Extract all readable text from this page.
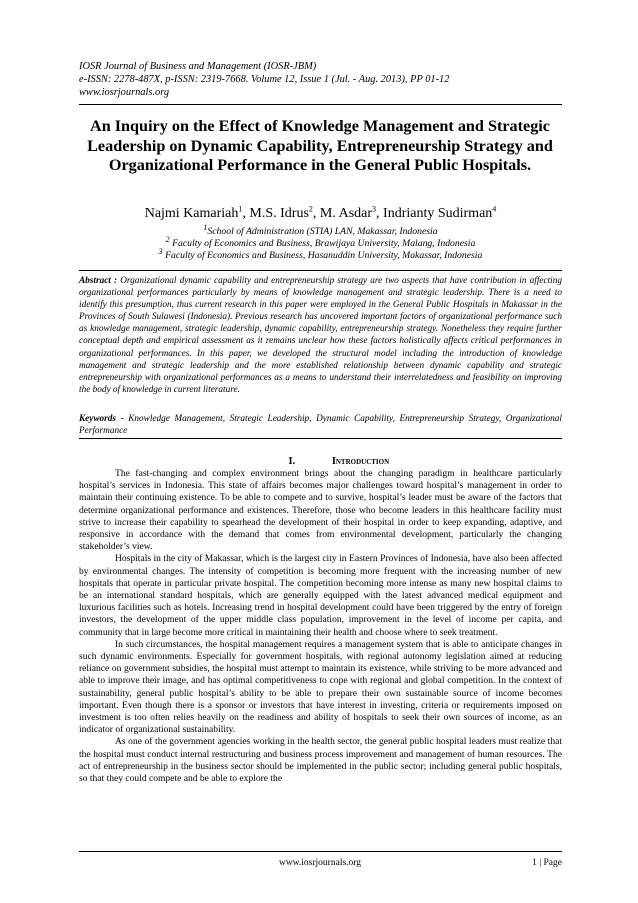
IOSR Journal of Business and Management (IOSR-JBM)
e-ISSN: 2278-487X, p-ISSN: 2319-7668. Volume 12, Issue 1 (Jul. - Aug. 2013), PP 01-12
www.iosrjournals.org
An Inquiry on the Effect of Knowledge Management and Strategic Leadership on Dynamic Capability, Entrepreneurship Strategy and Organizational Performance in the General Public Hospitals.
Najmi Kamariah$^1$, M.S. Idrus$^2$, M. Asdar$^3$, Indrianty Sudirman$^4$
$^1$School of Administration (STIA) LAN, Makassar, Indonesia
$^2$ Faculty of Economics and Business, Brawijaya University, Malang, Indonesia
$^3$ Faculty of Economics and Business, Hasanuddin University, Makassar, Indonesia
Abstract : Organizational dynamic capability and entrepreneurship strategy are two aspects that have contribution in affecting organizational performances particularly by means of knowledge management and strategic leadership. There is a need to identify this presumption, thus current research in this paper were employed in the General Public Hospitals in Makassar in the Provinces of South Sulawesi (Indonesia). Previous research has uncovered important factors of organizational performance such as knowledge management, strategic leadership, dynamic capability, entrepreneurship strategy. Nonetheless they require further conceptual depth and empirical assessment as it remains unclear how these factors holistically affects critical performances in organizational performances. In this paper, we developed the structural model including the introduction of knowledge management and strategic leadership and the more established relationship between dynamic capability and strategic entrepreneurship with organizational performances as a means to understand their interrelatedness and feasibility on improving the body of knowledge in current literature.
Keywords - Knowledge Management, Strategic Leadership, Dynamic Capability, Entrepreneurship Strategy, Organizational Performance
I.	Introduction

The fast-changing and complex environment brings about the changing paradigm in healthcare particularly hospital’s services in Indonesia. This state of affairs becomes major challenges toward hospital’s management in order to maintain their continuing existence. To be able to compete and to survive, hospital’s leader must be aware of the factors that determine organizational performance and existences. Therefore, those who become leaders in this healthcare facility must strive to increase their capability to spearhead the development of their hospital in order to keep expanding, adaptive, and responsive in accordance with the demand that comes from environmental development, particularly the changing stakeholder’s view.

Hospitals in the city of Makassar, which is the largest city in Eastern Provinces of Indonesia, have also been affected by environmental changes. The intensity of competition is becoming more frequent with the increasing number of new hospitals that operate in particular private hospital. The competition becoming more intense as many new hospital claims to be an international standard hospitals, which are generally equipped with the latest advanced medical equipment and luxurious facilities such as hotels. Increasing trend in hospital development could have been triggered by the entry of foreign investors, the development of the upper middle class population, improvement in the level of income per capita, and community that in large become more critical in maintaining their health and choose where to seek treatment.

In such circumstances, the hospital management requires a management system that is able to anticipate changes in such dynamic environments. Especially for government hospitals, with regional autonomy legislation aimed at reducing reliance on government subsidies, the hospital must attempt to maintain its existence, while striving to be more advanced and able to improve their image, and has optimal competitiveness to cope with regional and global competition. In the context of sustainability, general public hospital’s ability to be able to prepare their own sustainable source of income becomes important. Even though there is a sponsor or investors that have interest in investing, criteria or requirements imposed on investment is too often relies heavily on the readiness and ability of hospitals to seek their own sources of income, as an indicator of organizational sustainability.

As one of the government agencies working in the health sector, the general public hospital leaders must realize that the hospital must conduct internal restructuring and business process improvement and management of human resources. The act of entrepreneurship in the business sector should be implemented in the public sector; including general public hospitals, so that they could compete and be able to explore the

www.iosrjournals.org	1 | Page
